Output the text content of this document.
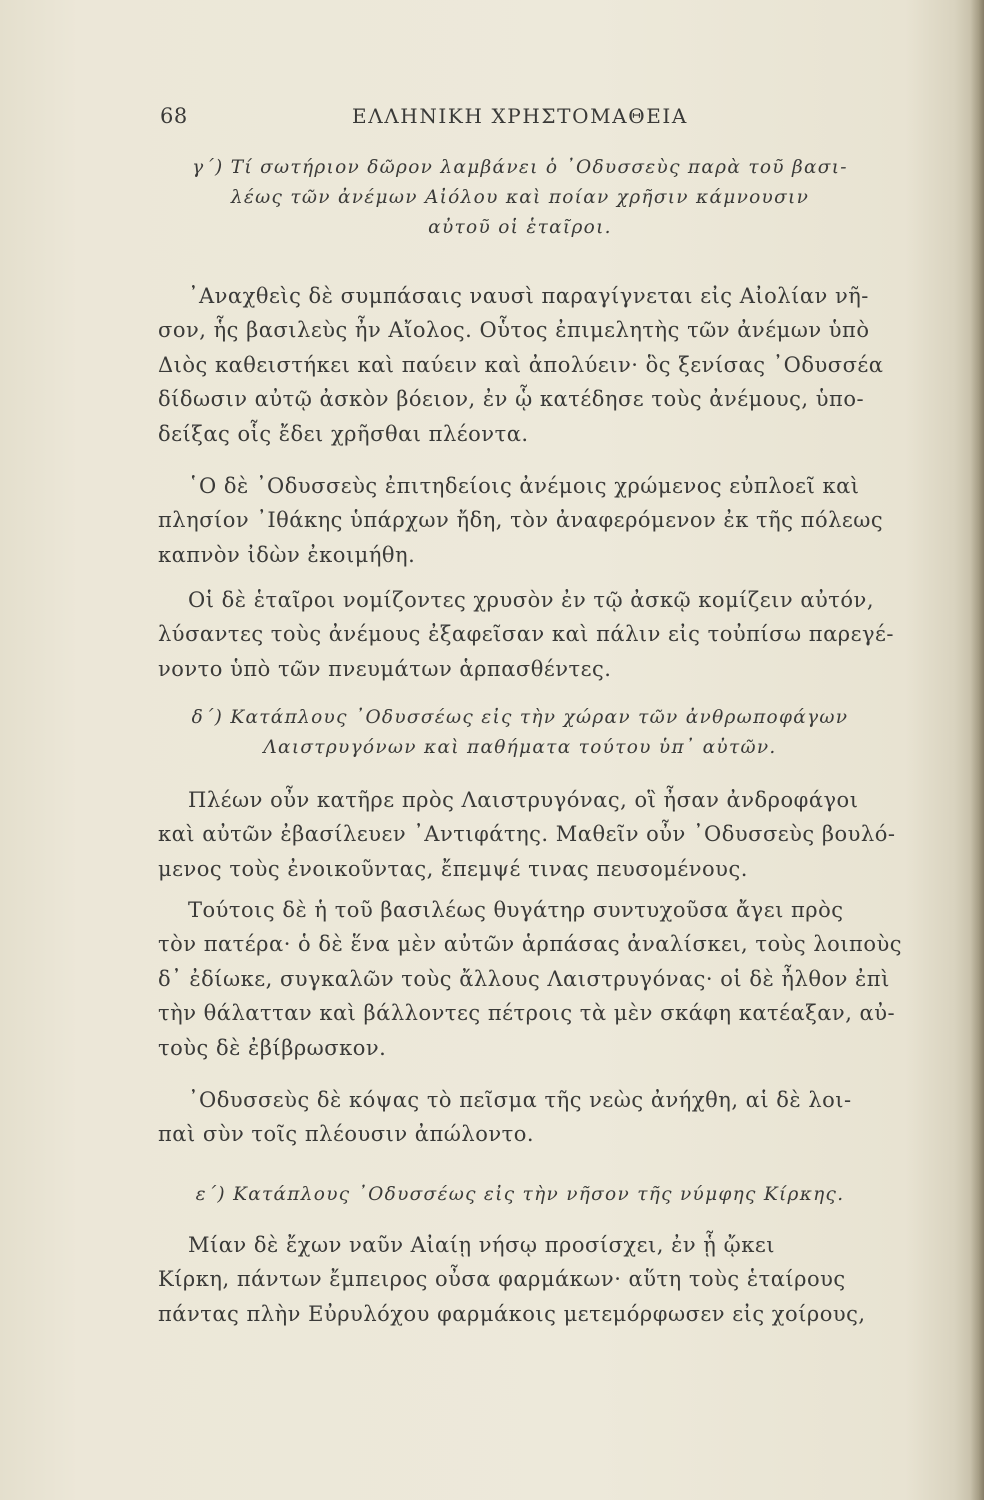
68	ΕΛΛΗΝΙΚΗ ΧΡΗΣΤΟΜΑΘΕΙΑ
γ΄) Τί σωτήριον δῶρον λαμβάνει ὁ ᾿Οδυσσεὺς παρὰ τοῦ βασι-
λέως τῶν ἀνέμων Αἰόλου καὶ ποίαν χρῆσιν κάμνουσιν
αὐτοῦ οἱ ἑταῖροι.
᾿Αναχθεὶς δὲ συμπάσαις ναυσὶ παραγίγνεται εἰς Αἰολίαν νῆ-
σον, ἧς βασιλεὺς ἦν Αἴολος. Οὗτος ἐπιμελητὴς τῶν ἀνέμων ὑπὸ
Διὸς καθειστήκει καὶ παύειν καὶ ἀπολύειν· ὃς ξενίσας ᾿Οδυσσέα
δίδωσιν αὐτῷ ἀσκὸν βόειον, ἐν ᾧ κατέδησε τοὺς ἀνέμους, ὑπο-
δείξας οἷς ἔδει χρῆσθαι πλέοντα.
῾Ο δὲ ᾿Οδυσσεὺς ἐπιτηδείοις ἀνέμοις χρώμενος εὐπλοεῖ καὶ
πλησίον ᾿Ιθάκης ὑπάρχων ἤδη, τὸν ἀναφερόμενον ἐκ τῆς πόλεως
καπνὸν ἰδὼν ἐκοιμήθη.
Οἱ δὲ ἑταῖροι νομίζοντες χρυσὸν ἐν τῷ ἀσκῷ κομίζειν αὐτόν,
λύσαντες τοὺς ἀνέμους ἐξαφεῖσαν καὶ πάλιν εἰς τοὐπίσω παρεγέ-
νοντο ὑπὸ τῶν πνευμάτων ἁρπασθέντες.
δ΄) Κατάπλους ᾿Οδυσσέως εἰς τὴν χώραν τῶν ἀνθρωποφάγων
Λαιστρυγόνων καὶ παθήματα τούτου ὑπ᾿ αὐτῶν.
Πλέων οὖν κατῆρε πρὸς Λαιστρυγόνας, οἳ ἦσαν ἀνδροφάγοι
καὶ αὐτῶν ἐβασίλευεν ᾿Αντιφάτης. Μαθεῖν οὖν ᾿Οδυσσεὺς βουλό-
μενος τοὺς ἐνοικοῦντας, ἔπεμψέ τινας πευσομένους.
Τούτοις δὲ ἡ τοῦ βασιλέως θυγάτηρ συντυχοῦσα ἄγει πρὸς
τὸν πατέρα· ὁ δὲ ἕνα μὲν αὐτῶν ἁρπάσας ἀναλίσκει, τοὺς λοιποὺς
δ᾿ ἐδίωκε, συγκαλῶν τοὺς ἄλλους Λαιστρυγόνας· οἱ δὲ ἦλθον ἐπὶ
τὴν θάλατταν καὶ βάλλοντες πέτροις τὰ μὲν σκάφη κατέαξαν, αὐ-
τοὺς δὲ ἐβίβρωσκον.
᾿Οδυσσεὺς δὲ κόψας τὸ πεῖσμα τῆς νεὼς ἀνήχθη, αἱ δὲ λοι-
παὶ σὺν τοῖς πλέουσιν ἀπώλοντο.
ε΄) Κατάπλους ᾿Οδυσσέως εἰς τὴν νῆσον τῆς νύμφης Κίρκης.
Μίαν δὲ ἔχων ναῦν Αἰαίῃ νήσῳ προσίσχει, ἐν ᾗ ᾤκει
Κίρκη, πάντων ἔμπειρος οὖσα φαρμάκων· αὕτη τοὺς ἑταίρους
πάντας πλὴν Εὐρυλόχου φαρμάκοις μετεμόρφωσεν εἰς χοίρους,
